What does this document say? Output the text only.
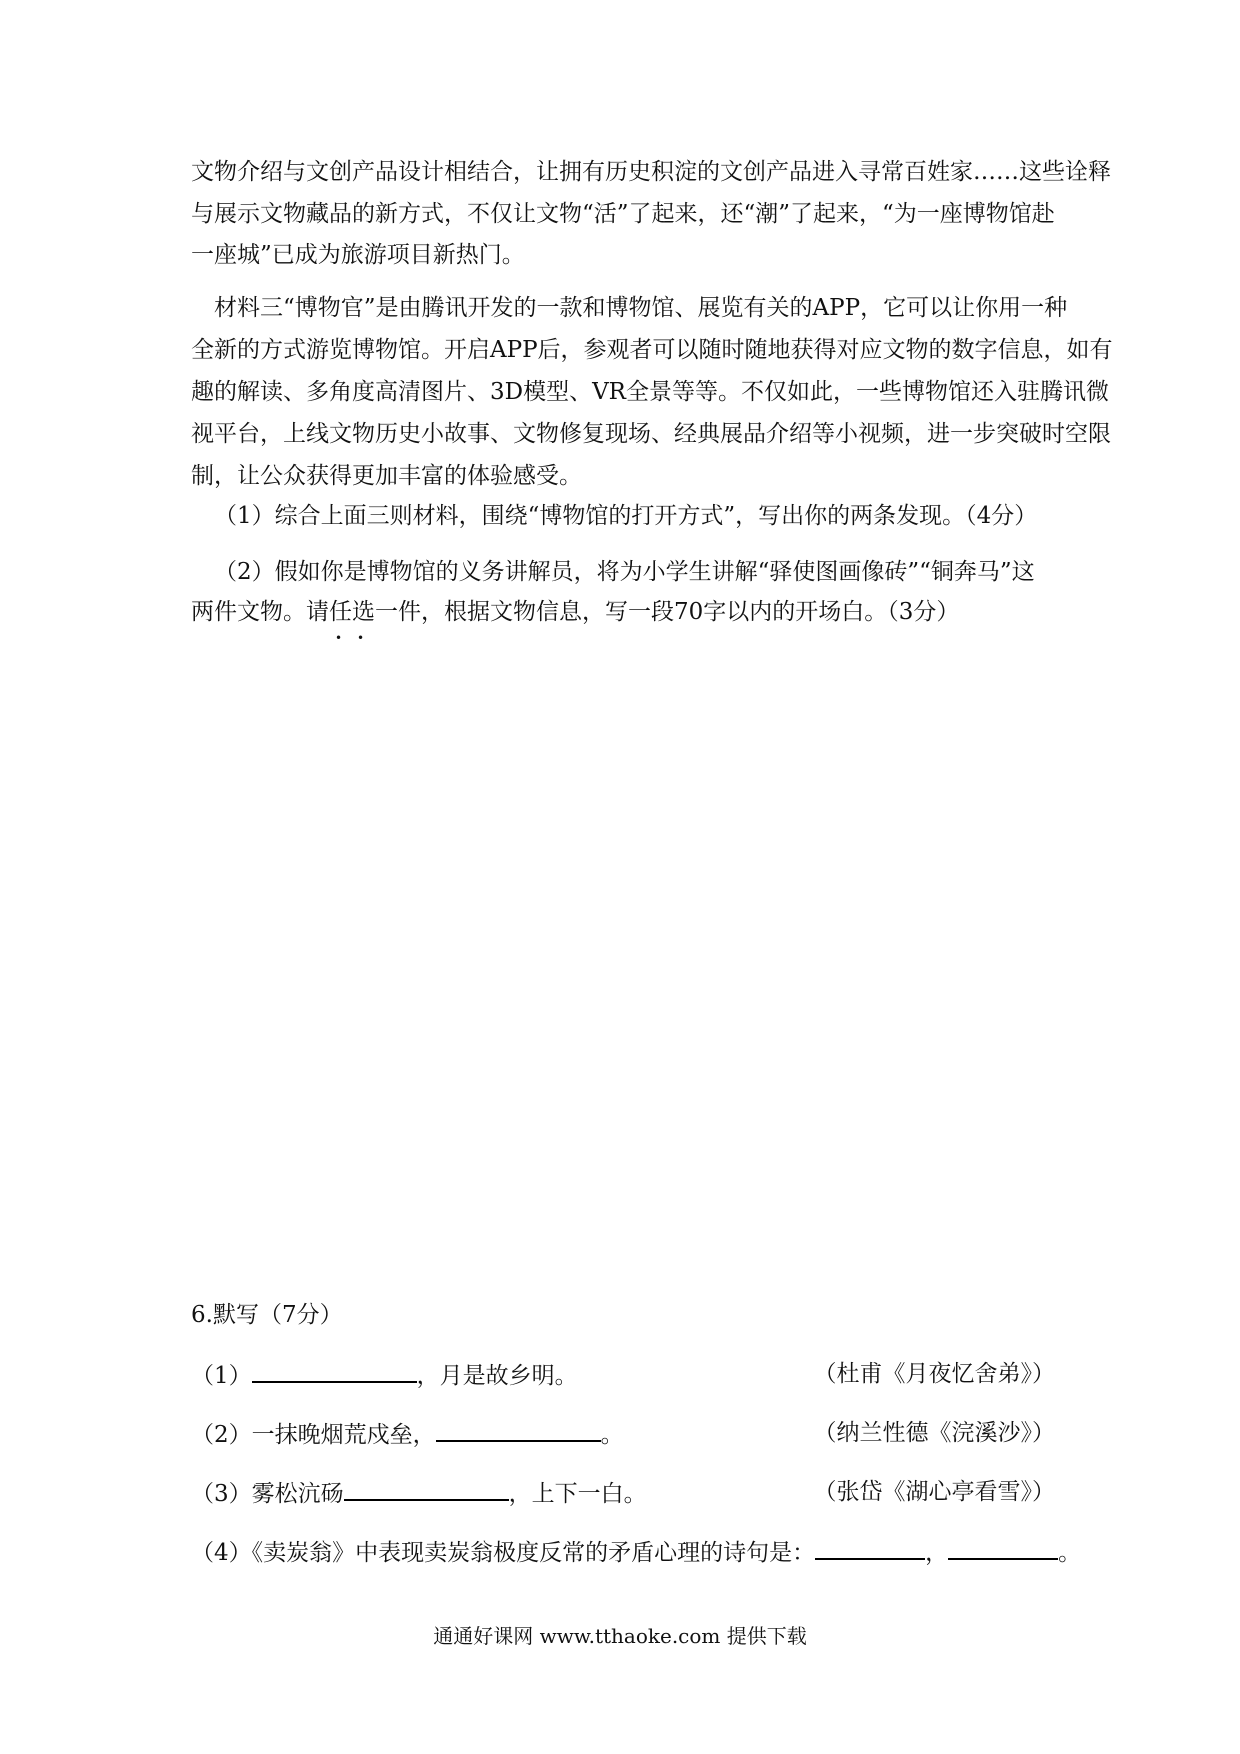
文物介绍与文创产品设计相结合，让拥有历史积淀的文创产品进入寻常百姓家……这些诠释
与展示文物藏品的新方式，不仅让文物“活”了起来，还“潮”了起来，“为一座博物馆赴
一座城”已成为旅游项目新热门。
材料三“博物官”是由腾讯开发的一款和博物馆、展览有关的APP，它可以让你用一种
全新的方式游览博物馆。开启APP后，参观者可以随时随地获得对应文物的数字信息，如有
趣的解读、多角度高清图片、3D模型、VR全景等等。不仅如此，一些博物馆还入驻腾讯微
视平台，上线文物历史小故事、文物修复现场、经典展品介绍等小视频，进一步突破时空限
制，让公众获得更加丰富的体验感受。
（1）综合上面三则材料，围绕“博物馆的打开方式”，写出你的两条发现。（4分）
（2）假如你是博物馆的义务讲解员，将为小学生讲解“驿使图画像砖”“铜奔马”这
两件文物。请任选一件，根据文物信息，写一段70字以内的开场白。（3分）
• •
6.默写（7分）
（1）	，月是故乡明。	（杜甫《月夜忆舍弟》）
（2）一抹晚烟荒戍垒，	。	（纳兰性德《浣溪沙》）
（3）雾松沆砀	，上下一白。	（张岱《湖心亭看雪》）
（4）《卖炭翁》中表现卖炭翁极度反常的矛盾心理的诗句是：	，	。
通通好课网 www.tthaoke.com 提供下载
